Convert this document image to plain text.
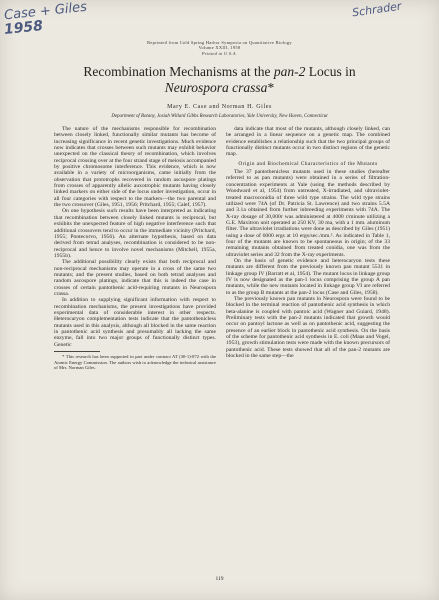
Case + Giles
1958
Schrader
Reprinted from Cold Spring Harbor Symposia on Quantitative Biology
Volume XXIII, 1958
Printed in U.S.A.
Recombination Mechanisms at the pan-2 Locus in
Neurospora crassa*
Mary E. Case and Norman H. Giles
Department of Botany, Josiah Willard Gibbs Research Laboratories, Yale University, New Haven, Connecticut

The nature of the mechanisms responsible for recombination between closely linked, functionally similar mutants has become of increasing significance in recent genetic investigations. Much evidence now indicates that crosses between such mutants may exhibit behavior unexpected on the classical theory of recombination, which involves reciprocal crossing over at the four strand stage of meiosis accompanied by positive chromosome interference. This evidence, which is now available in a variety of microorganisms, came initially from the observation that prototrophs recovered in random ascospore platings from crosses of apparently allelic auxotrophic mutants having closely linked markers on either side of the locus under investigation, occur in all four categories with respect to the markers—the two parental and the two crossover (Giles, 1951, 1956; Pritchard, 1955; Calef, 1957).

On one hypothesis such results have been interpreted as indicating that recombination between closely linked mutants is reciprocal, but exhibits the unexpected feature of high negative interference such that additional crossovers tend to occur in the immediate vicinity (Pritchard, 1955; Pontecorvo, 1956). An alternate hypothesis, based on data derived from tetrad analyses, recombination is considered to be non-reciprocal and hence to involve novel mechanisms (Mitchell, 1955a, 1955b).

The additional possibility clearly exists that both reciprocal and non-reciprocal mechanisms may operate in a cross of the same two mutants; and the present studies, based on both tetrad analyses and random ascospore platings, indicate that this is indeed the case in crosses of certain pantothenic acid-requiring mutants in Neurospora crassa.

In addition to supplying significant information with respect to recombination mechanisms, the present investigations have provided experimental data of considerable interest in other respects. Heterocaryon complementation tests indicate that the pantothenicless mutants used in this analysis, although all blocked in the same reaction in pantothenic acid synthesis and presumably all lacking the same enzyme, fall into two major groups of functionally distinct types. Genetic

* This research has been supported in part under contract AT (30-1)-872 with the Atomic Energy Commission. The authors wish to acknowledge the technical assistance of Mrs. Norman Giles.

data indicate that most of the mutants, although closely linked, can be arranged in a linear sequence on a genetic map. The combined evidence establishes a relationship such that the two principal groups of functionally distinct mutants occur in two distinct regions of the genetic map.

Origin and Biochemical Characteristics of the Mutants

The 37 pantothenicless mutants used in these studies (hereafter referred to as pan mutants) were obtained in a series of filtration-concentration experiments at Yale (using the methods described by Woodward et al, 1954) from untreated, X-irradiated, and ultraviolet-treated macroconidia of three wild type strains. The wild type strains utilized were 74A (of Dr. Patricia St. Lawrence) and two strains 5.5A and 3.1a obtained from further inbreeding experiments with 74A. The X-ray dosage of 30,000r was administered at 4000 r/minute utilizing a G.E. Maxitron unit operated at 250 KV, 30 ma, with a 1 mm. aluminum filter. The ultraviolet irradiations were done as described by Giles (1951) using a dose of 6000 ergs at 10 ergs/sec./mm.². As indicated in Table 1, four of the mutants are known to be spontaneous in origin; of the 33 remaining mutants obtained from treated conidia, one was from the ultraviolet series and 32 from the X-ray experiments.

On the basis of genetic evidence and heterocaryon tests these mutants are different from the previously known pan mutant 5531 in linkage group IV (Barratt et al, 1954). The mutant locus in linkage group IV is now designated as the pan-1 locus comprising the group A pan mutants, while the new mutants located in linkage group VI are referred to as the group B mutants at the pan-2 locus (Case and Giles, 1958).

The previously known pan mutants in Neurospora were found to be blocked in the terminal reaction of pantothenic acid synthesis in which beta-alanine is coupled with pantoic acid (Wagner and Guiard, 1948). Preliminary tests with the pan-2 mutants indicated that growth would occur on pantoyl lactone as well as on pantothenic acid, suggesting the presence of an earlier block in pantothenic acid synthesis. On the basis of the scheme for pantothenic acid synthesis in E. coli (Maas and Vogel, 1953), growth stimulation tests were made with the known precursors of pantothenic acid. These tests showed that all of the pan-2 mutants are blocked in the same step—the

119
